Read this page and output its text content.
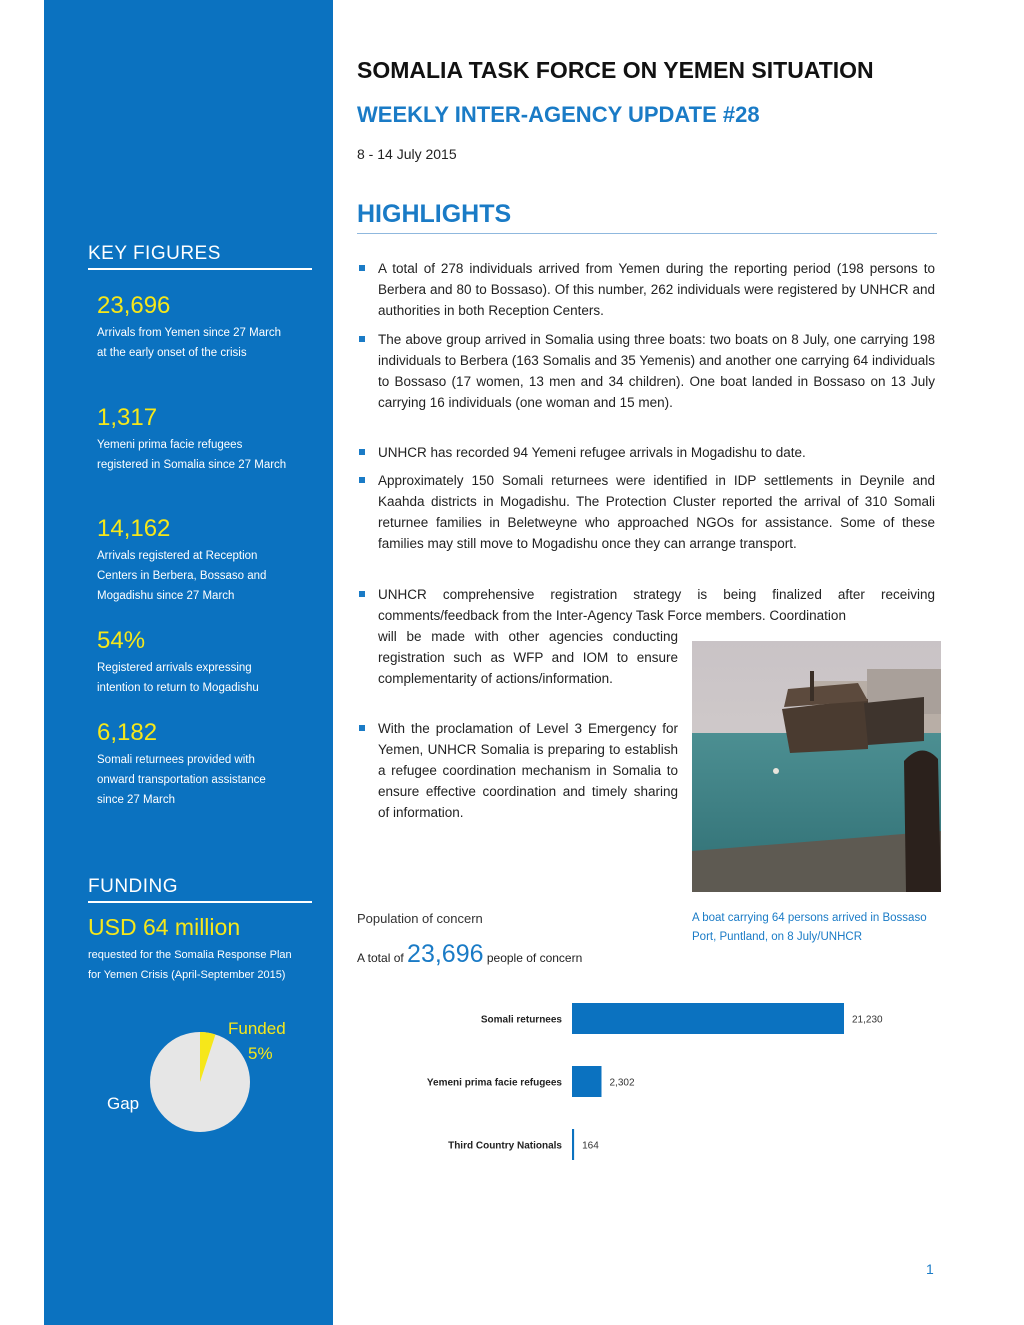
KEY FIGURES
23,696
Arrivals from Yemen since 27 March at the early onset of the crisis
1,317
Yemeni prima facie refugees registered in Somalia since 27 March
14,162
Arrivals registered at Reception Centers in Berbera, Bossaso and Mogadishu since 27 March
54%
Registered arrivals expressing intention to return to Mogadishu
6,182
Somali returnees provided with onward transportation assistance since 27 March
FUNDING
USD 64 million
requested for the Somalia Response Plan for Yemen Crisis (April-September 2015)
Funded
5%
Gap
SOMALIA TASK FORCE ON YEMEN SITUATION
WEEKLY INTER-AGENCY UPDATE #28
8 - 14 July 2015
HIGHLIGHTS
A total of 278 individuals arrived from Yemen during the reporting period (198 persons to Berbera and 80 to Bossaso). Of this number, 262 individuals were registered by UNHCR and authorities in both Reception Centers.
The above group arrived in Somalia using three boats: two boats on 8 July, one carrying 198 individuals to Berbera (163 Somalis and 35 Yemenis) and another one carrying 64 individuals to Bossaso (17 women, 13 men and 34 children). One boat landed in Bossaso on 13 July carrying 16 individuals (one woman and 15 men).
UNHCR has recorded 94 Yemeni refugee arrivals in Mogadishu to date.
Approximately 150 Somali returnees were identified in IDP settlements in Deynile and Kaahda districts in Mogadishu. The Protection Cluster reported the arrival of 310 Somali returnee families in Beletweyne who approached NGOs for assistance. Some of these families may still move to Mogadishu once they can arrange transport.
UNHCR comprehensive registration strategy is being finalized after receiving comments/feedback from the Inter-Agency Task Force members. Coordination
will be made with other agencies conducting registration such as WFP and IOM to ensure complementarity of actions/information.
With the proclamation of Level 3 Emergency for Yemen, UNHCR Somalia is preparing to establish a refugee coordination mechanism in Somalia to ensure effective coordination and timely sharing of information.
A boat carrying 64 persons arrived in Bossaso Port, Puntland, on 8 July/UNHCR
Population of concern
A total of 23,696 people of concern
Somali returnees	21,230
Yemeni prima facie refugees	2,302
Third Country Nationals 164
1
